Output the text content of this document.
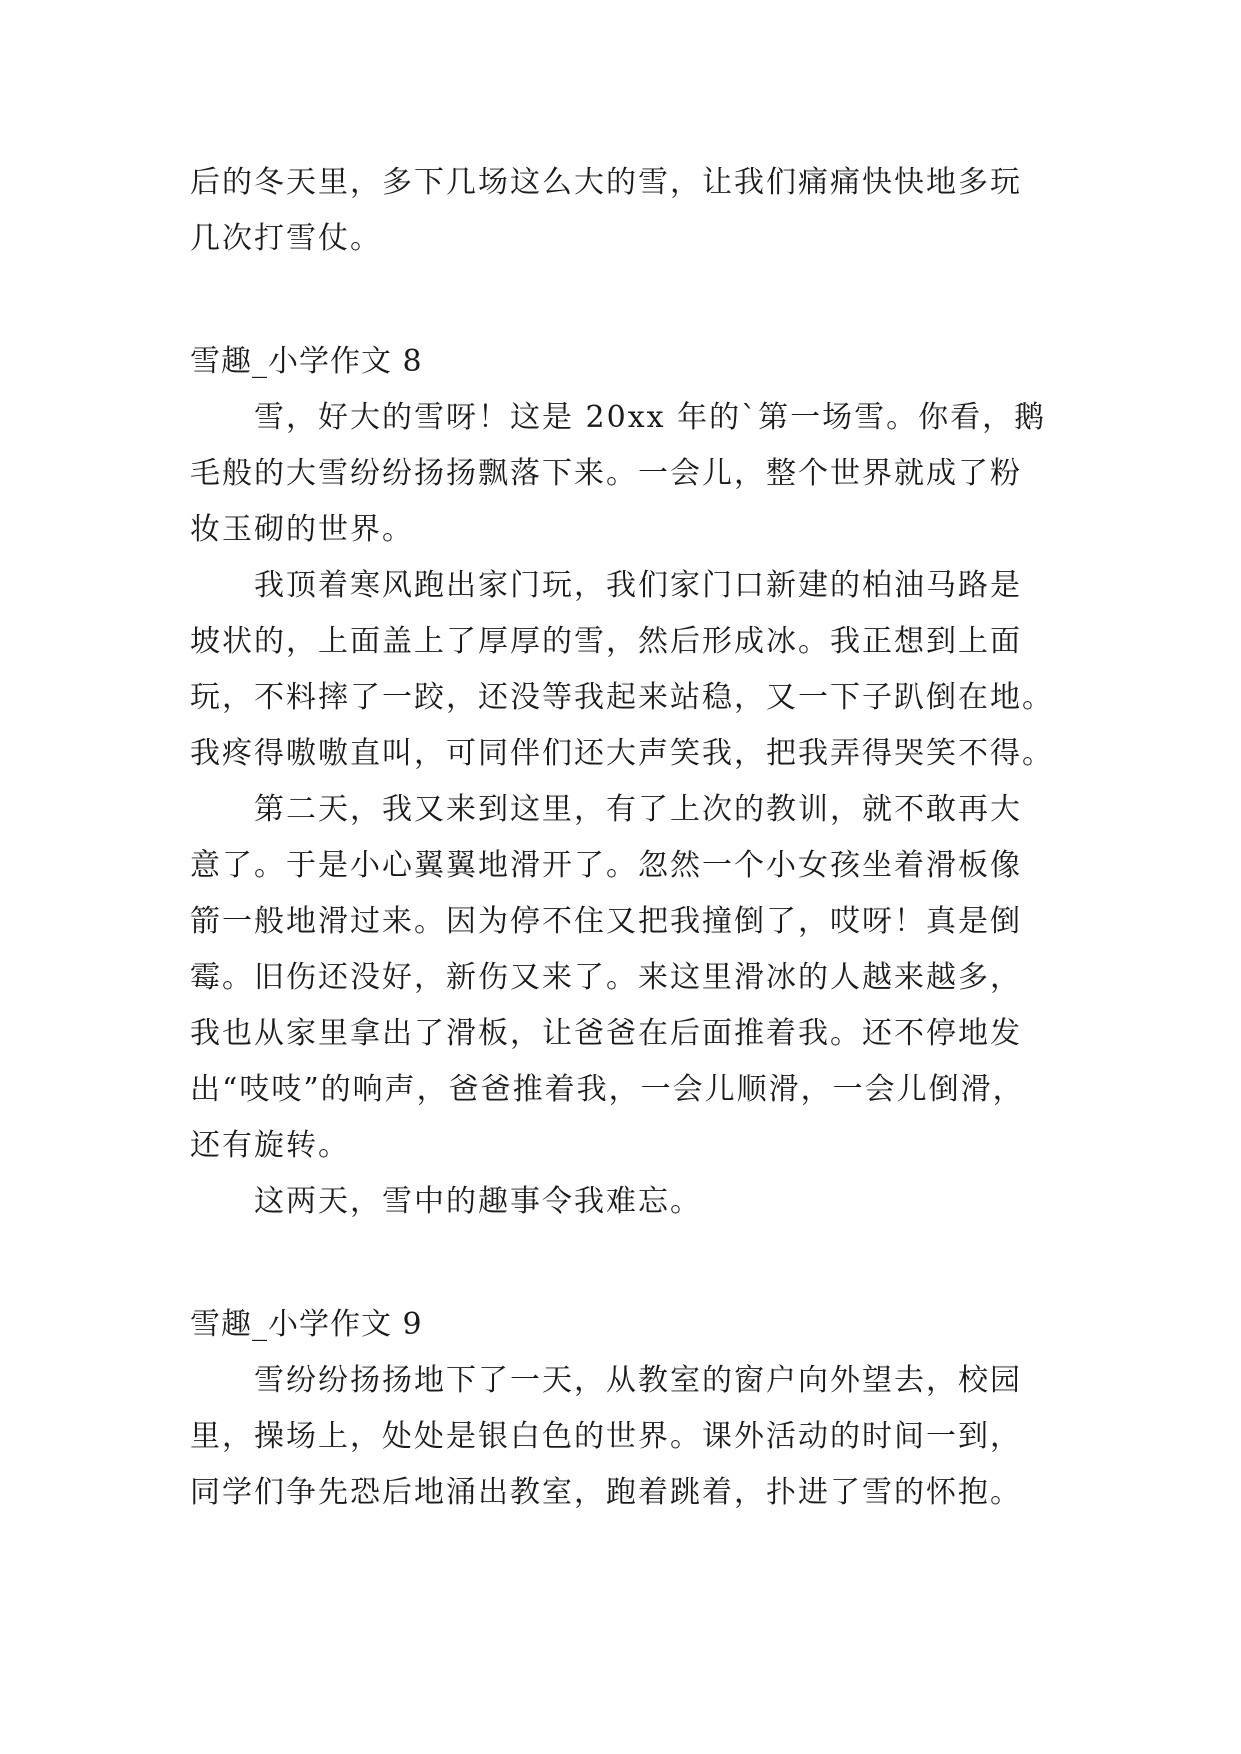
后的冬天里，多下几场这么大的雪，让我们痛痛快快地多玩
几次打雪仗。

雪趣_小学作文 8

雪，好大的雪呀！这是 20xx 年的`第一场雪。你看，鹅
毛般的大雪纷纷扬扬飘落下来。一会儿，整个世界就成了粉
妆玉砌的世界。

我顶着寒风跑出家门玩，我们家门口新建的柏油马路是
坡状的，上面盖上了厚厚的雪，然后形成冰。我正想到上面
玩，不料摔了一跤，还没等我起来站稳，又一下子趴倒在地。
我疼得嗷嗷直叫，可同伴们还大声笑我，把我弄得哭笑不得。

第二天，我又来到这里，有了上次的教训，就不敢再大
意了。于是小心翼翼地滑开了。忽然一个小女孩坐着滑板像
箭一般地滑过来。因为停不住又把我撞倒了，哎呀！真是倒
霉。旧伤还没好，新伤又来了。来这里滑冰的人越来越多，
我也从家里拿出了滑板，让爸爸在后面推着我。还不停地发
出“吱吱”的响声，爸爸推着我，一会儿顺滑，一会儿倒滑，
还有旋转。

这两天，雪中的趣事令我难忘。

雪趣_小学作文 9

雪纷纷扬扬地下了一天，从教室的窗户向外望去，校园
里，操场上，处处是银白色的世界。课外活动的时间一到，
同学们争先恐后地涌出教室，跑着跳着，扑进了雪的怀抱。
